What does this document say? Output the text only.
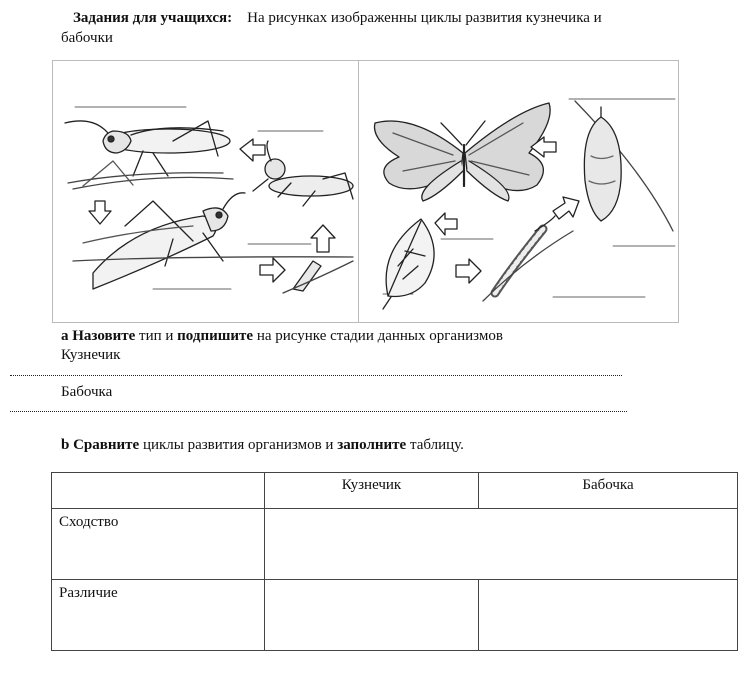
Задания для учащихся: На рисунках изображенны циклы развития кузнечика и
бабочки
a Назовите тип и подпишите на рисунке стадии данных организмов
Кузнечик
Бабочка
b Сравните циклы развития организмов и заполните таблицу.
	Кузнечик	Бабочка
Сходство		
Различие		
